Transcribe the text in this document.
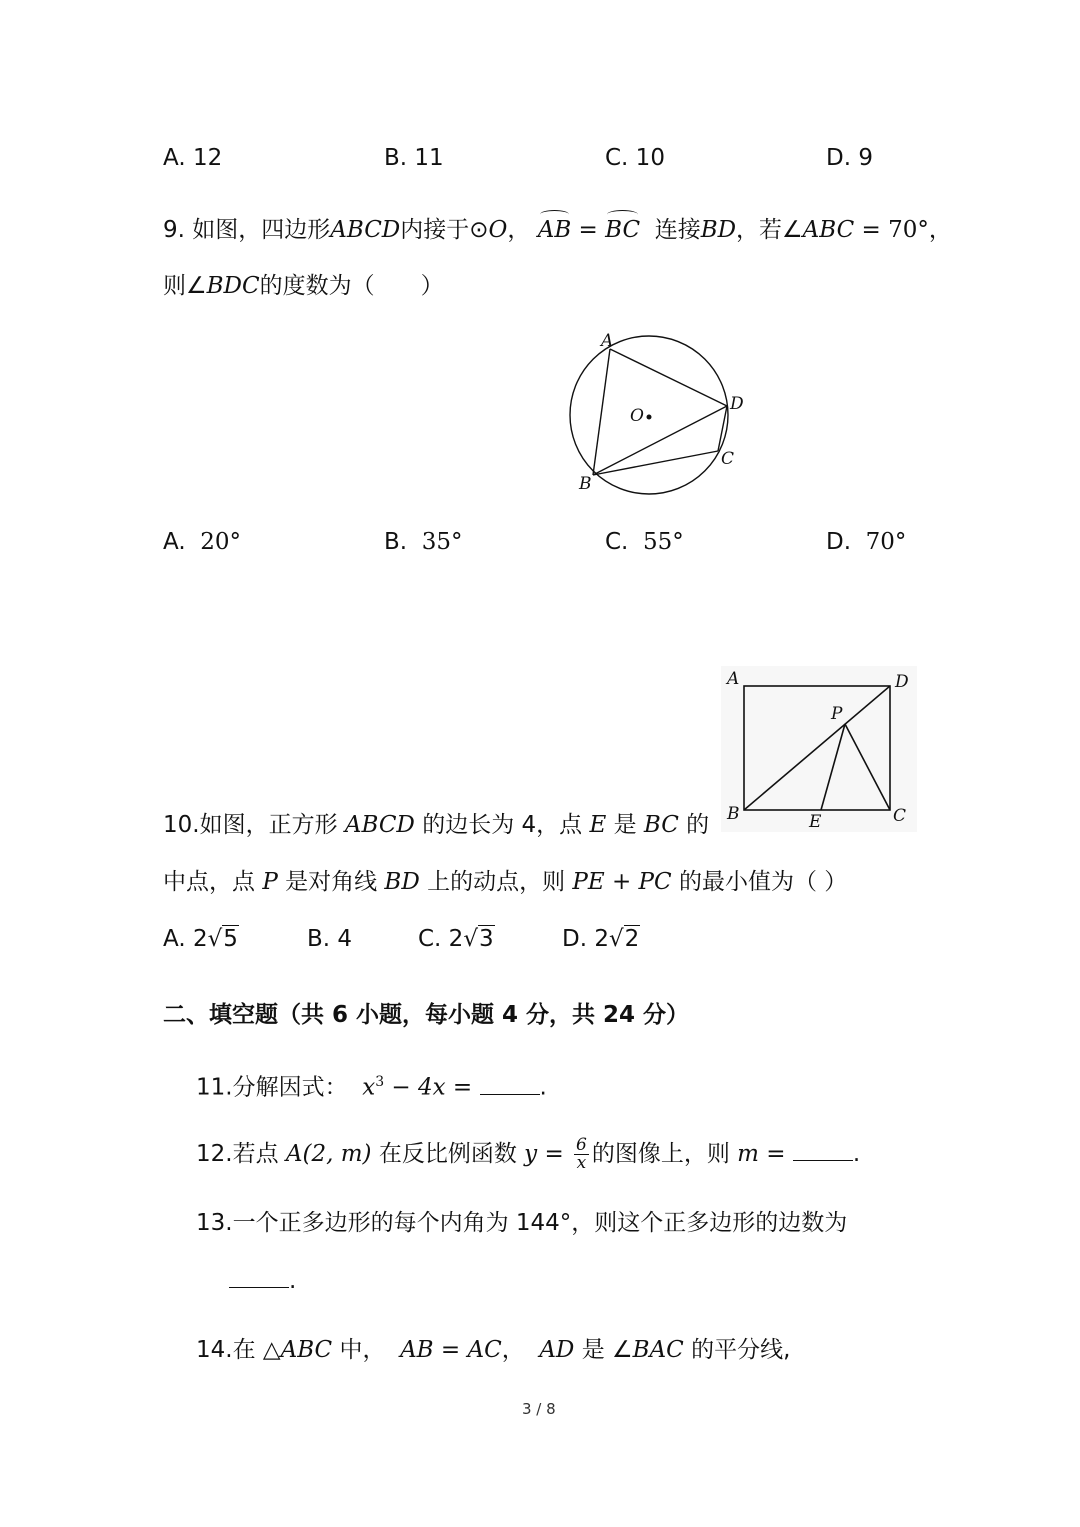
A. 12	B. 11	C. 10	D. 9
9. 如图，四边形ABCD内接于⊙O， AB = BC 连接BD，若∠ABC = 70°，
则∠BDC的度数为（　　）
A
D
C
B
O
A. 20°	B. 35°	C. 55°	D. 70°
A	D
P
B	E	C
10.如图，正方形 ABCD 的边长为 4，点 E 是 BC 的
中点，点 P 是对角线 BD 上的动点，则 PE + PC 的最小值为（ ）
A. 2√5	B. 4	C. 2√3	D. 2√2
二、填空题（共 6 小题，每小题 4 分，共 24 分）
11.分解因式： $x^3 - 4x$ =	.
12.若点 A(2, m) 在反比例函数 $y = \frac{6}{x}$ 的图像上，则 m =	.
13.一个正多边形的每个内角为 144°，则这个正多边形的边数为
.
14.在 △ABC 中， AB = AC， AD 是 ∠BAC 的平分线,
3 / 8
